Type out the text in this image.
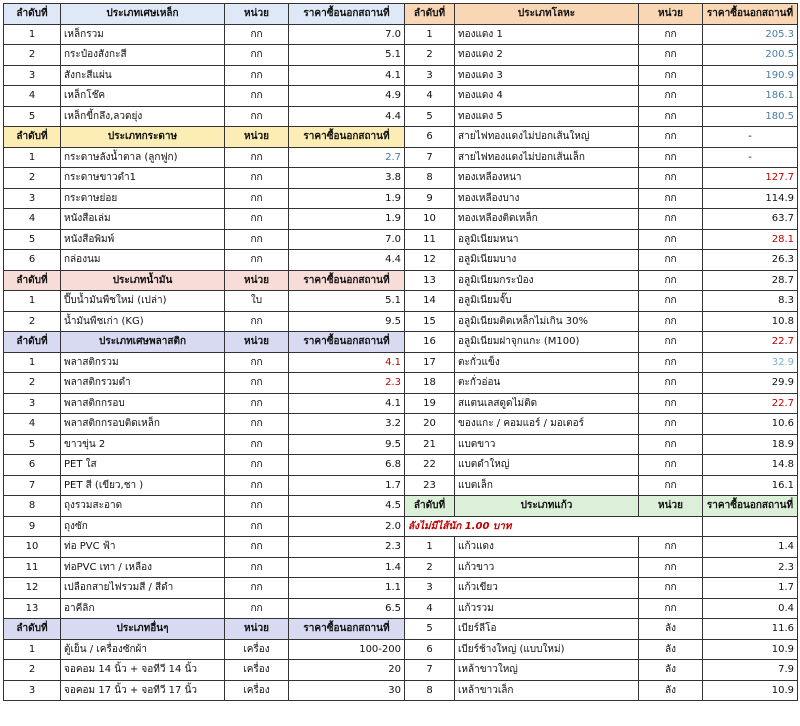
ลำดับที่	ประเภทเศษเหล็ก	หน่วย	ราคาซื้อนอกสถานที่	ลำดับที่	ประเภทโลหะ	หน่วย	ราคาซื้อนอกสถานที่
1	เหล็กรวม	กก	7.0	1	ทองแดง 1	กก	205.3
2	กระป๋องสังกะสี	กก	5.1	2	ทองแดง 2	กก	200.5
3	สังกะสีแผ่น	กก	4.1	3	ทองแดง 3	กก	190.9
4	เหล็กโช๊ค	กก	4.9	4	ทองแดง 4	กก	186.1
5	เหล็กขี้กลึง,ลวดยุ่ง	กก	4.4	5	ทองแดง 5	กก	180.5
ลำดับที่	ประเภทกระดาษ	หน่วย	ราคาซื้อนอกสถานที่	6	สายไฟทองแดงไม่ปอกเส้นใหญ่	กก	-
1	กระดาษลังน้ำตาล (ลูกฟูก)	กก	2.7	7	สายไฟทองแดงไม่ปอกเส้นเล็ก	กก	-
2	กระดาษขาวดำ1	กก	3.8	8	ทองเหลืองหนา	กก	127.7
3	กระดาษย่อย	กก	1.9	9	ทองเหลืองบาง	กก	114.9
4	หนังสือเล่ม	กก	1.9	10	ทองเหลืองติดเหล็ก	กก	63.7
5	หนังสือพิมพ์	กก	7.0	11	อลูมิเนียมหนา	กก	28.1
6	กล่องนม	กก	4.4	12	อลูมิเนียมบาง	กก	26.3
ลำดับที่	ประเภทน้ำมัน	หน่วย	ราคาซื้อนอกสถานที่	13	อลูมิเนียมกระป๋อง	กก	28.7
1	ปี๊บน้ำมันพืชใหม่ (เปล่า)	ใบ	5.1	14	อลูมิเนียมจั๊บ	กก	8.3
2	น้ำมันพืชเก่า (KG)	กก	9.5	15	อลูมิเนียมติดเหล็กไม่เกิน 30%	กก	10.8
ลำดับที่	ประเภทเศษพลาสติก	หน่วย	ราคาซื้อนอกสถานที่	16	อลูมิเนียมฝาจุกแกะ (M100)	กก	22.7
1	พลาสติกรวม	กก	4.1	17	ตะกั่วแข็ง	กก	32.9
2	พลาสติกรวมดำ	กก	2.3	18	ตะกั่วอ่อน	กก	29.9
3	พลาสติกกรอบ	กก	4.1	19	สแตนเลสดูดไม่ติด	กก	22.7
4	พลาสติกกรอบติดเหล็ก	กก	3.2	20	ของแกะ / คอมแอร์ / มอเตอร์	กก	10.6
5	ขาวขุ่น 2	กก	9.5	21	แบตขาว	กก	18.9
6	PET ใส	กก	6.8	22	แบตดำใหญ่	กก	14.8
7	PET สี (เขียว,ชา )	กก	1.7	23	แบตเล็ก	กก	16.1
8	ถุงรวมสะอาด	กก	4.5	ลำดับที่	ประเภทแก้ว	หน่วย	ราคาซื้อนอกสถานที่
9	ถุงซัก	กก	2.0	ลังไม่มีไส้นัก 1.00 บาท			
10	ท่อ PVC ฟ้า	กก	2.3	1	แก้วแดง	กก	1.4
11	ท่อPVC เทา / เหลือง	กก	1.4	2	แก้วขาว	กก	2.3
12	เปลือกสายไฟรวมสี / สีดำ	กก	1.1	3	แก้วเขียว	กก	1.7
13	อาคีลิก	กก	6.5	4	แก้วรวม	กก	0.4
ลำดับที่	ประเภทอื่นๆ	หน่วย	ราคาซื้อนอกสถานที่	5	เบียร์ลีโอ	ลัง	11.6
1	ตู้เย็น / เครื่องซักผ้า	เครื่อง	100-200	6	เบียร์ช้างใหญ่ (แบบใหม่)	ลัง	10.9
2	จอคอม 14 นิ้ว + จอทีวี 14 นิ้ว	เครื่อง	20	7	เหล้าขาวใหญ่	ลัง	7.9
3	จอคอม 17 นิ้ว + จอทีวี 17 นิ้ว	เครื่อง	30	8	เหล้าขาวเล็ก	ลัง	10.9
